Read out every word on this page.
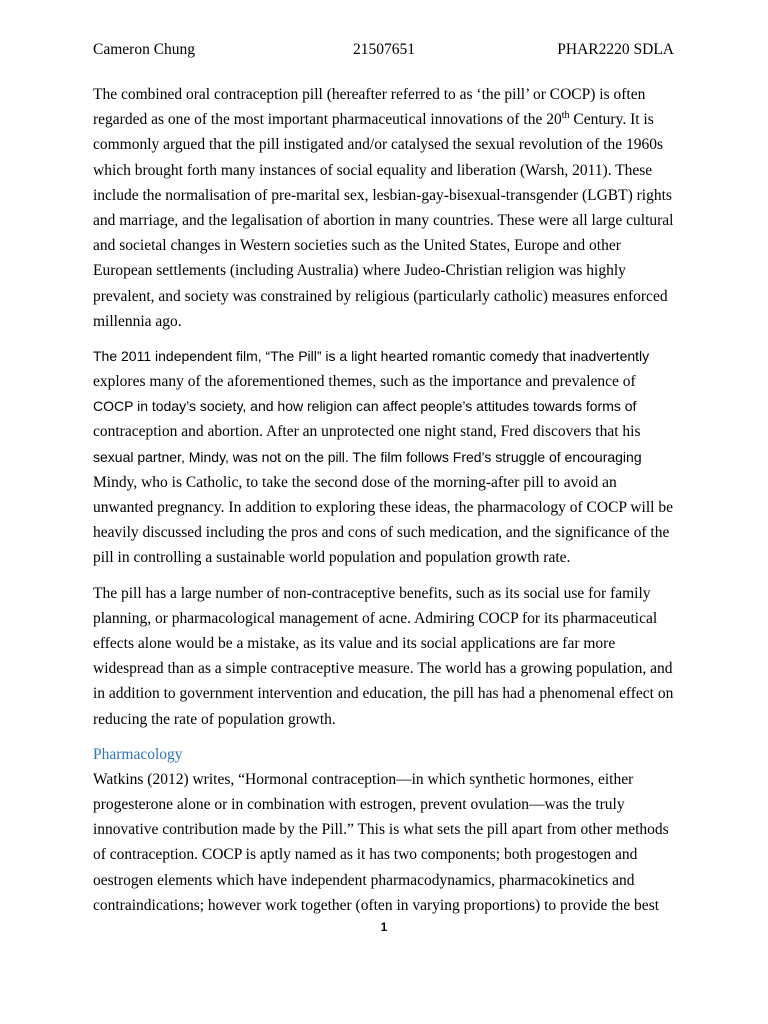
Cameron Chung	21507651	PHAR2220 SDLA
The combined oral contraception pill (hereafter referred to as ‘the pill’ or COCP) is often
regarded as one of the most important pharmaceutical innovations of the 20th Century. It is
commonly argued that the pill instigated and/or catalysed the sexual revolution of the 1960s
which brought forth many instances of social equality and liberation (Warsh, 2011). These
include the normalisation of pre-marital sex, lesbian-gay-bisexual-transgender (LGBT) rights
and marriage, and the legalisation of abortion in many countries. These were all large cultural
and societal changes in Western societies such as the United States, Europe and other
European settlements (including Australia) where Judeo-Christian religion was highly
prevalent, and society was constrained by religious (particularly catholic) measures enforced
millennia ago.
The 2011 independent film, “The Pill” is a light hearted romantic comedy that inadvertently
explores many of the aforementioned themes, such as the importance and prevalence of
COCP in today’s society, and how religion can affect people’s attitudes towards forms of
contraception and abortion. After an unprotected one night stand, Fred discovers that his
sexual partner, Mindy, was not on the pill. The film follows Fred’s struggle of encouraging
Mindy, who is Catholic, to take the second dose of the morning-after pill to avoid an
unwanted pregnancy. In addition to exploring these ideas, the pharmacology of COCP will be
heavily discussed including the pros and cons of such medication, and the significance of the
pill in controlling a sustainable world population and population growth rate.
The pill has a large number of non-contraceptive benefits, such as its social use for family
planning, or pharmacological management of acne. Admiring COCP for its pharmaceutical
effects alone would be a mistake, as its value and its social applications are far more
widespread than as a simple contraceptive measure. The world has a growing population, and
in addition to government intervention and education, the pill has had a phenomenal effect on
reducing the rate of population growth.
Pharmacology
Watkins (2012) writes, “Hormonal contraception—in which synthetic hormones, either
progesterone alone or in combination with estrogen, prevent ovulation—was the truly
innovative contribution made by the Pill.” This is what sets the pill apart from other methods
of contraception. COCP is aptly named as it has two components; both progestogen and
oestrogen elements which have independent pharmacodynamics, pharmacokinetics and
contraindications; however work together (often in varying proportions) to provide the best
1
